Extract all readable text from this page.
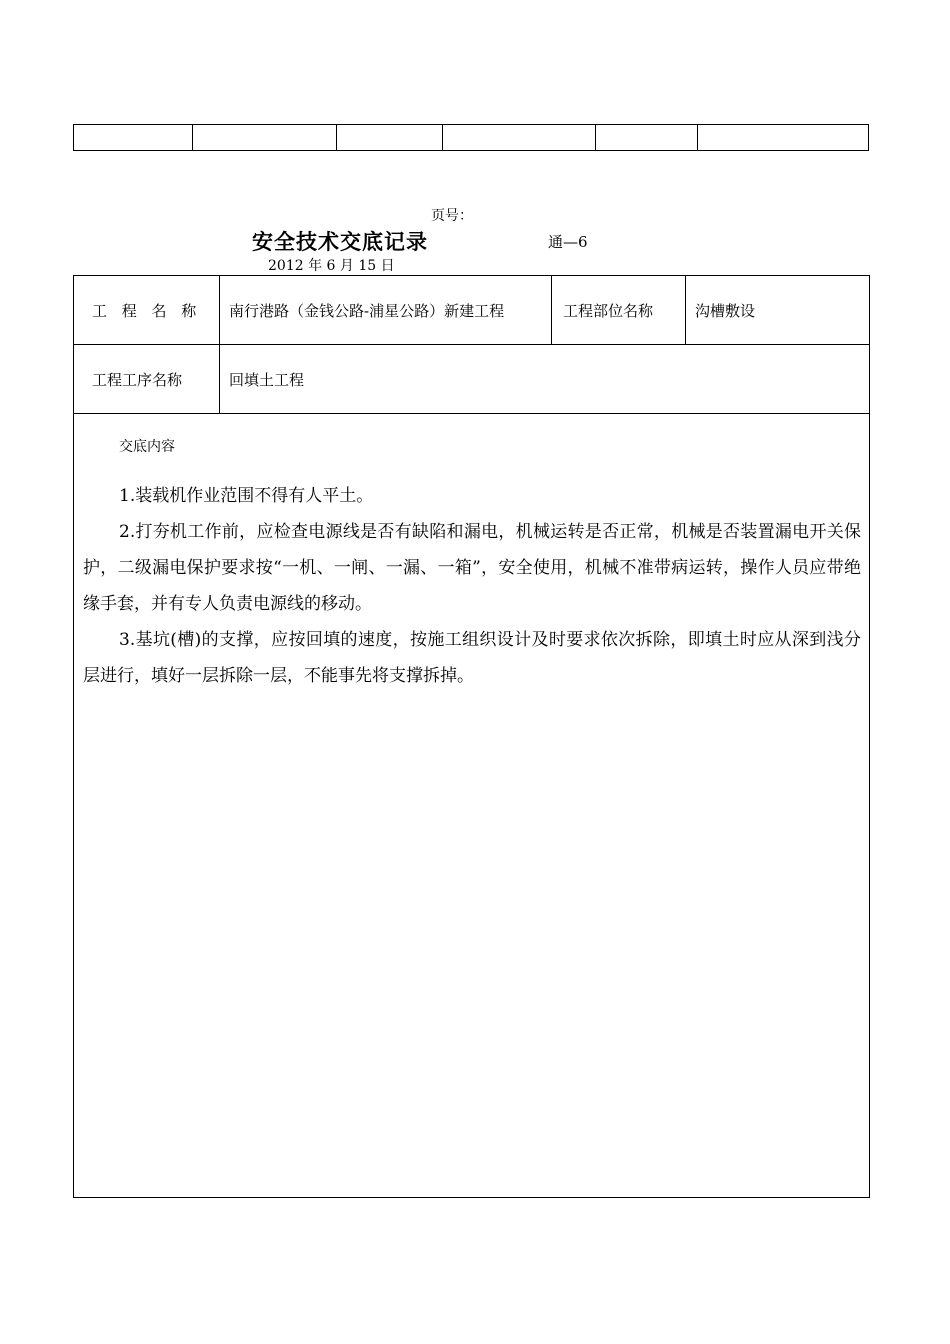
页号：
安全技术交底记录	通—6
2012 年 6 月 15 日
工 程 名 称	南行港路（金钱公路-浦星公路）新建工程	工程部位名称	沟槽敷设
工程工序名称	回填土工程		

交底内容

1.装载机作业范围不得有人平土。

2.打夯机工作前，应检查电源线是否有缺陷和漏电，机械运转是否正常，机械是否装置漏电开关保护，二级漏电保护要求按“一机、一闸、一漏、一箱”，安全使用，机械不准带病运转，操作人员应带绝缘手套，并有专人负责电源线的移动。

3.基坑(槽)的支撑，应按回填的速度，按施工组织设计及时要求依次拆除，即填土时应从深到浅分层进行，填好一层拆除一层，不能事先将支撑拆掉。			
